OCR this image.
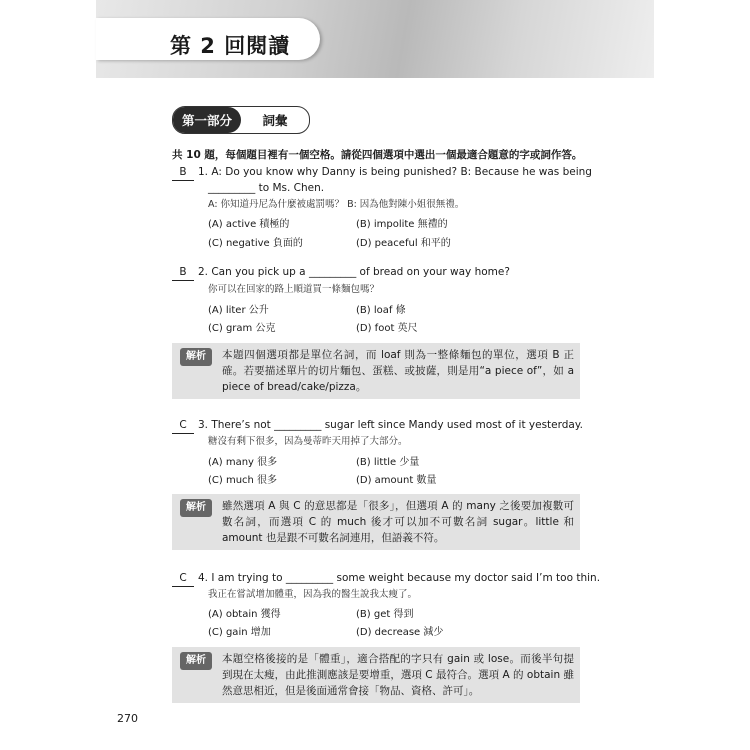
第 2 回閱讀
第一部分	詞彙
共 10 題，每個題目裡有一個空格。請從四個選項中選出一個最適合題意的字或詞作答。
B 1. A: Do you know why Danny is being punished? B: Because he was being
_________ to Ms. Chen.
A: 你知道丹尼為什麼被處罰嗎？ B: 因為他對陳小姐很無禮。
(A) active 積極的	(B) impolite 無禮的
(C) negative 負面的	(D) peaceful 和平的
B 2. Can you pick up a _________ of bread on your way home?
你可以在回家的路上順道買一條麵包嗎？
(A) liter 公升	(B) loaf 條
(C) gram 公克	(D) foot 英尺
解析	本題四個選項都是單位名詞，而 loaf 則為一整條麵包的單位，選項 B 正確。若要描述單片的切片麵包、蛋糕、或披薩，則是用“a piece of”，如 a piece of bread/cake/pizza。
C 3. There’s not _________ sugar left since Mandy used most of it yesterday.
糖沒有剩下很多，因為曼蒂昨天用掉了大部分。
(A) many 很多	(B) little 少量
(C) much 很多	(D) amount 數量
解析	雖然選項 A 與 C 的意思都是「很多」，但選項 A 的 many 之後要加複數可數名詞，而選項 C 的 much 後才可以加不可數名詞 sugar。little 和 amount 也是跟不可數名詞連用，但語義不符。
C 4. I am trying to _________ some weight because my doctor said I’m too thin.
我正在嘗試增加體重，因為我的醫生說我太瘦了。
(A) obtain 獲得	(B) get 得到
(C) gain 增加	(D) decrease 減少
解析	本題空格後接的是「體重」，適合搭配的字只有 gain 或 lose。而後半句提到現在太瘦，由此推測應該是要增重，選項 C 最符合。選項 A 的 obtain 雖然意思相近，但是後面通常會接「物品、資格、許可」。
270
